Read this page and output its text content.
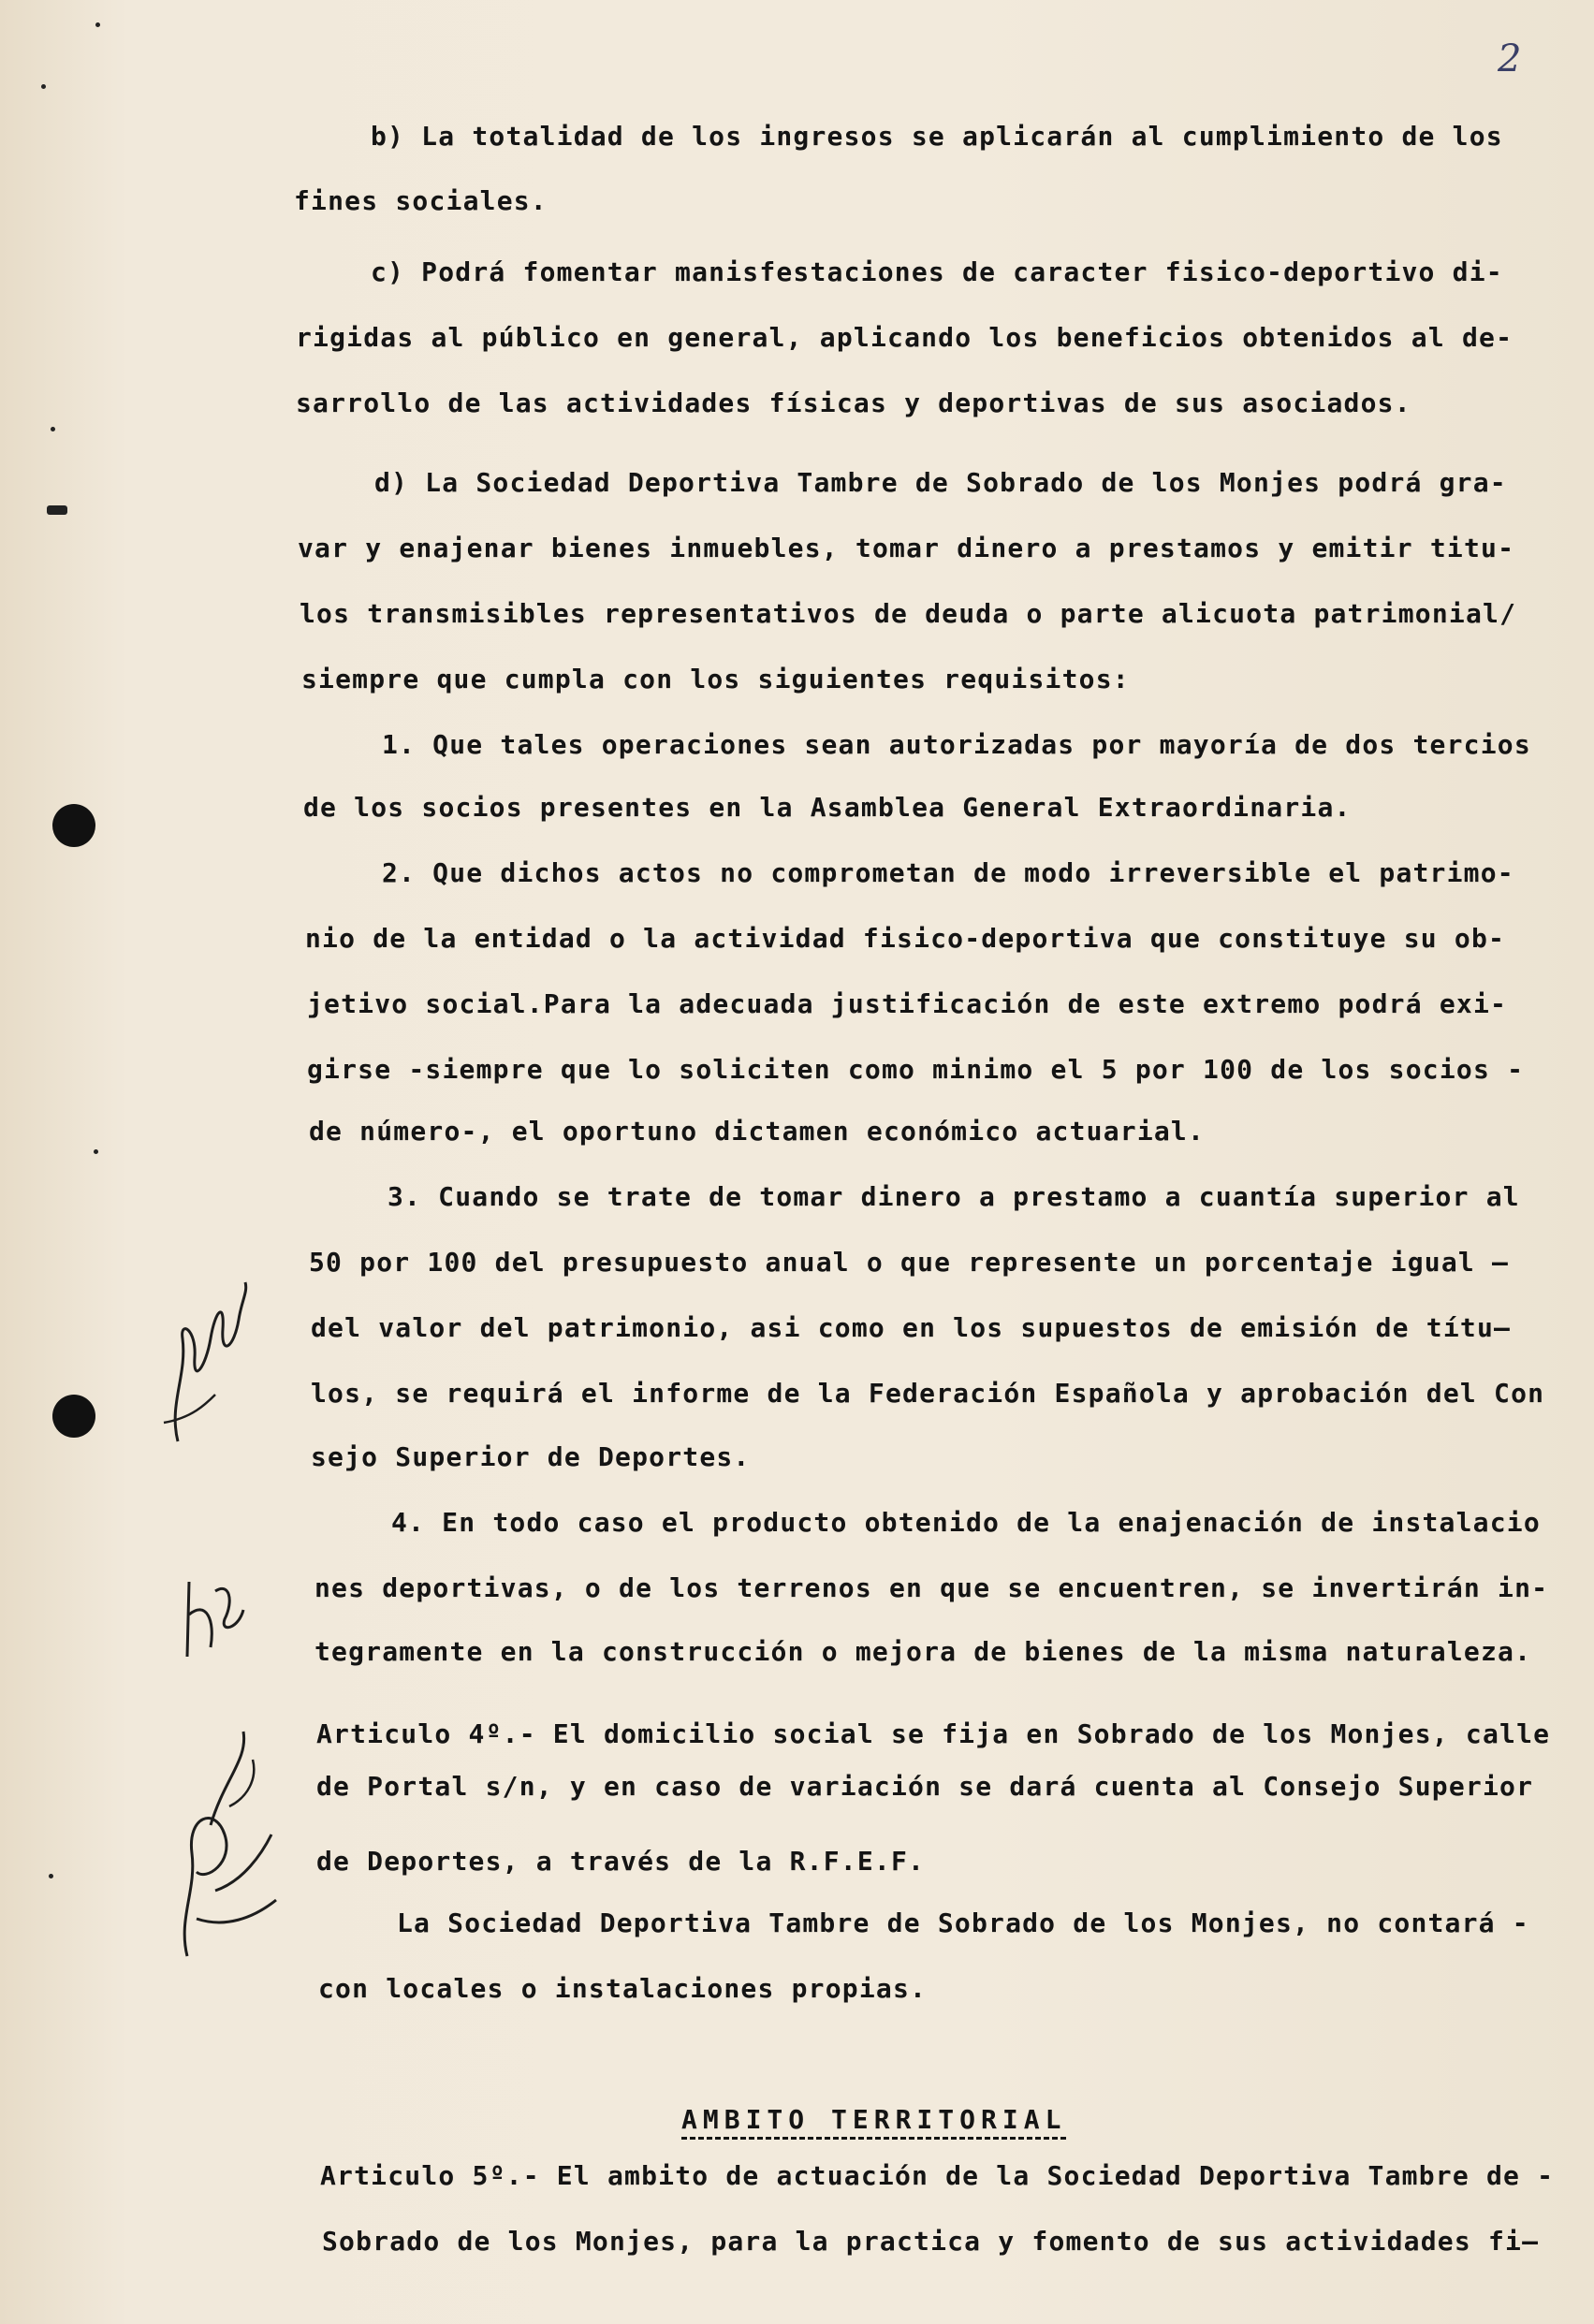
2
b) La totalidad de los ingresos se aplicarán al cumplimiento de los
fines sociales.
c) Podrá fomentar manisfestaciones de caracter fisico-deportivo di-
rigidas al público en general, aplicando los beneficios obtenidos al de-
sarrollo de las actividades físicas y deportivas de sus asociados.
d) La Sociedad Deportiva Tambre de Sobrado de los Monjes podrá gra-
var y enajenar bienes inmuebles, tomar dinero a prestamos y emitir titu-
los transmisibles representativos de deuda o parte alicuota patrimonial/
siempre que cumpla con los siguientes requisitos:
1. Que tales operaciones sean autorizadas por mayoría de dos tercios
de los socios presentes en la Asamblea General Extraordinaria.
2. Que dichos actos no comprometan de modo irreversible el patrimo-
nio de la entidad o la actividad fisico-deportiva que constituye su ob-
jetivo social.Para la adecuada justificación de este extremo podrá exi-
girse -siempre que lo soliciten como minimo el 5 por 100 de los socios -
de número-, el oportuno dictamen económico actuarial.
3. Cuando se trate de tomar dinero a prestamo a cuantía superior al
50 por 100 del presupuesto anual o que represente un porcentaje igual —
del valor del patrimonio, asi como en los supuestos de emisión de títu—
los, se requirá el informe de la Federación Española y aprobación del Con
sejo Superior de Deportes.
4. En todo caso el producto obtenido de la enajenación de instalacio
nes deportivas, o de los terrenos en que se encuentren, se invertirán in-
tegramente en la construcción o mejora de bienes de la misma naturaleza.
Articulo 4º.- El domicilio social se fija en Sobrado de los Monjes, calle
de Portal s/n, y en caso de variación se dará cuenta al Consejo Superior
de Deportes, a través de la R.F.E.F.
La Sociedad Deportiva Tambre de Sobrado de los Monjes, no contará -
con locales o instalaciones propias.
Articulo 5º.- El ambito de actuación de la Sociedad Deportiva Tambre de -
Sobrado de los Monjes, para la practica y fomento de sus actividades fi—
AMBITO TERRITORIAL
